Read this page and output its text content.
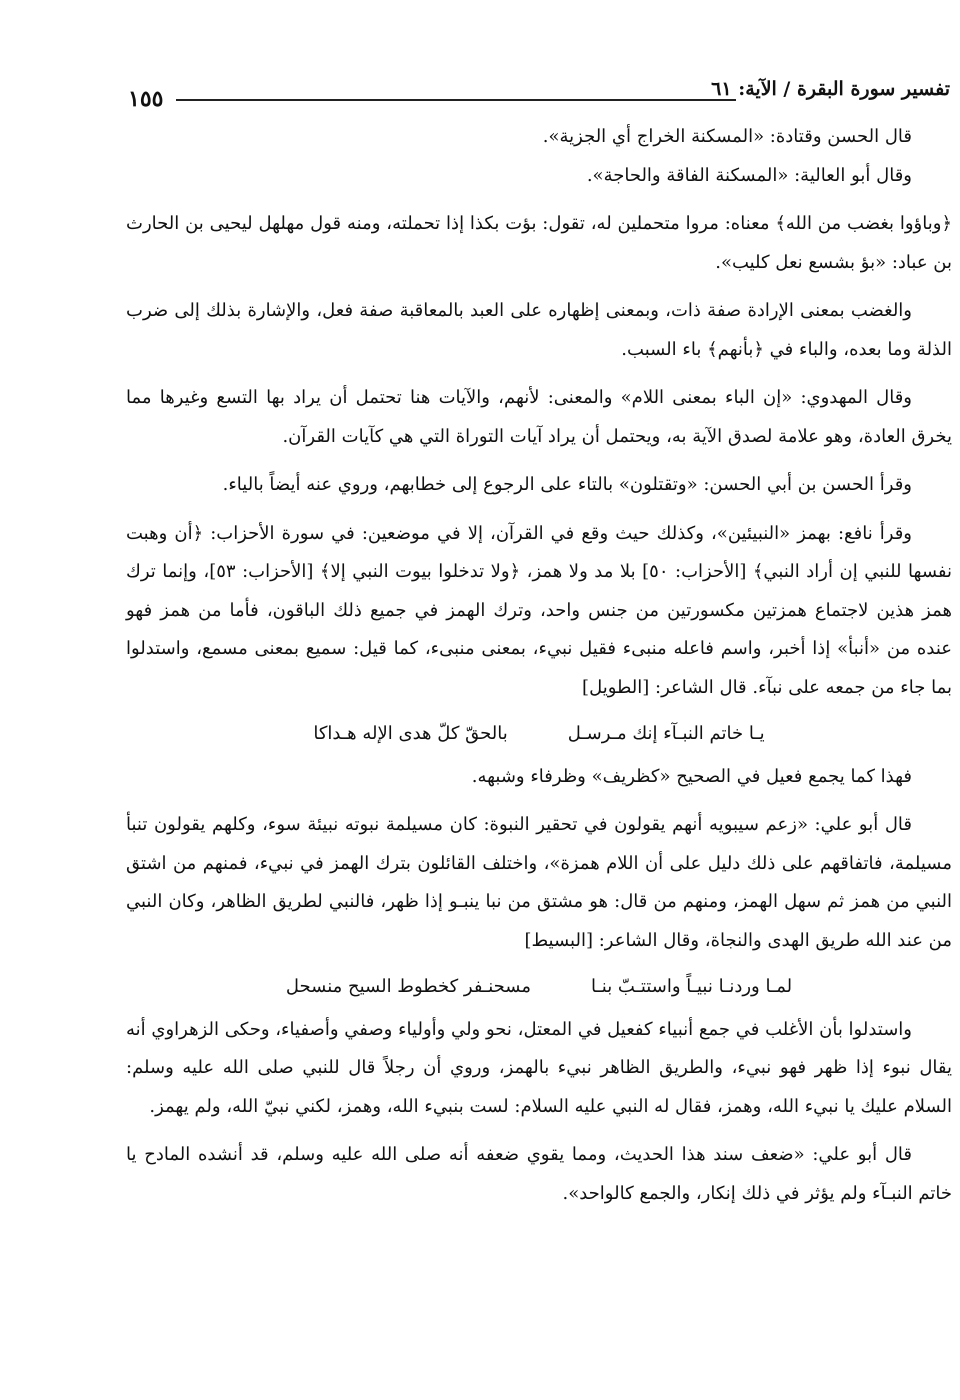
١٥٥	تفسير سورة البقرة / الآية: ٦١

قال الحسن وقتادة: «المسكنة الخراج أي الجزية».

وقال أبو العالية: «المسكنة الفاقة والحاجة».

﴿وباؤوا بغضب من الله﴾ معناه: مروا متحملين له، تقول: بؤت بكذا إذا تحملته، ومنه قول مهلهل ليحيى بن الحارث بن عباد: «بؤ بشسع نعل كليب».

والغضب بمعنى الإرادة صفة ذات، وبمعنى إظهاره على العبد بالمعاقبة صفة فعل، والإشارة بذلك إلى ضرب الذلة وما بعده، والباء في ﴿بأنهم﴾ باء السبب.

وقال المهدوي: «إن الباء بمعنى اللام» والمعنى: لأنهم، والآيات هنا تحتمل أن يراد بها التسع وغيرها مما يخرق العادة، وهو علامة لصدق الآية به، ويحتمل أن يراد آيات التوراة التي هي كآيات القرآن.

وقرأ الحسن بن أبي الحسن: «وتقتلون» بالتاء على الرجوع إلى خطابهم، وروي عنه أيضاً بالياء.

وقرأ نافع: بهمز «النبيئين»، وكذلك حيث وقع في القرآن، إلا في موضعين: في سورة الأحزاب: ﴿أن وهبت نفسها للنبي إن أراد النبي﴾ [الأحزاب: ٥٠] بلا مد ولا همز، ﴿ولا تدخلوا بيوت النبي إلا﴾ [الأحزاب: ٥٣]، وإنما ترك همز هذين لاجتماع همزتين مكسورتين من جنس واحد، وترك الهمز في جميع ذلك الباقون، فأما من همز فهو عنده من «أنبأ» إذا أخبر، واسم فاعله منبىء فقيل نبيء، بمعنى منبىء، كما قيل: سميع بمعنى مسمع، واستدلوا بما جاء من جمعه على نبآء. قال الشاعر: [الطويل]

يـا خاتم النبـآء إنك مـرسـل
بالحقّ كلّ هدى الإله هـداكا

فهذا كما يجمع فعيل في الصحيح «كظريف» وظرفاء وشبهه.

قال أبو علي: «زعم سيبويه أنهم يقولون في تحقير النبوة: كان مسيلمة نبوته نبيئة سوء، وكلهم يقولون تنبأ مسيلمة، فاتفاقهم على ذلك دليل على أن اللام همزة»، واختلف القائلون بترك الهمز في نبيء، فمنهم من اشتق النبي من همز ثم سهل الهمز، ومنهم من قال: هو مشتق من نبا ينبـو إذا ظهر، فالنبي لطريق الظاهر، وكان النبي من عند الله طريق الهدى والنجاة، وقال الشاعر: [البسيط]

لمـا وردنـا نبيـاً واستتـبّ بنـا
مسحنـفر كخطوط السيح منسحل

واستدلوا بأن الأغلب في جمع أنبياء كفعيل في المعتل، نحو ولي وأولياء وصفي وأصفياء، وحكى الزهراوي أنه يقال نبوء إذا ظهر فهو نبيء، والطريق الظاهر نبيء بالهمز، وروي أن رجلاً قال للنبي صلى الله عليه وسلم: السلام عليك يا نبيء الله، وهمز، فقال له النبي عليه السلام: لست بنبيء الله، وهمز، لكني نبيّ الله، ولم يهمز.

قال أبو علي: «ضعف سند هذا الحديث، ومما يقوي ضعفه أنه صلى الله عليه وسلم، قد أنشده المادح يا خاتم النبـآء ولم يؤثر في ذلك إنكار، والجمع كالواحد».
